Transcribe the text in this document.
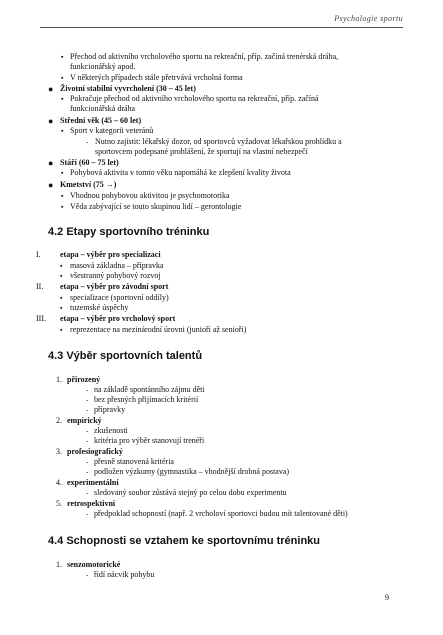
Psychologie sportu
▪ Přechod od aktivního vrcholového sportu na rekreační, příp. začíná trenérská dráha,
funkcionářský apod.
▪ V některých případech stále přetrvává vrcholná forma
● Životní stabilní vyvrcholení (30 – 45 let)
▪ Pokračuje přechod od aktivního vrcholového sportu na rekreační, příp. začíná
funkcionářská dráha
● Střední věk (45 – 60 let)
▪ Sport v kategorii veteránů
- Nutno zajistit: lékařský dozor, od sportovců vyžadovat lékařskou prohlídku a
sportovcem podepsané prohlášení, že sportují na vlastní nebezpečí
● Stáří (60 – 75 let)
▪ Pohybová aktivita v tomto věku napomáhá ke zlepšení kvality života
● Kmetství (75 →)
▪ Vhodnou pohybovou aktivitou je psychomotorika
▪ Věda zabývající se touto skupinou lidí – gerontologie
4.2 Etapy sportovního tréninku
I. etapa – výběr pro specializaci
▪ masová základna – přípravka
▪ všestranný pohybový rozvoj
II. etapa – výběr pro závodní sport
▪ specializace (sportovní oddíly)
▪ tuzemské úspěchy
III. etapa – výběr pro vrcholový sport
▪ reprezentace na mezinárodní úrovni (junioři až senioři)
4.3 Výběr sportovních talentů
1. přirozený
- na základě spontánního zájmu děti
- bez přesných přijímacích kritérií
- přípravky
2. empirický
- zkušenosti
- kritéria pro výběr stanovují trenéři
3. profesiografický
- přesně stanovená kritéria
- podložen výzkumy (gymnastika – vhodnější drobná postava)
4. experimentální
- sledovaný soubor zůstává stejný po celou dobu experimentu
5. retrospektivní
- předpoklad schopností (např. 2 vrcholoví sportovci budou mít talentované děti)
4.4 Schopnosti se vztahem ke sportovnímu tréninku
1. senzomotorické
- řídí nácvik pohybu
9
